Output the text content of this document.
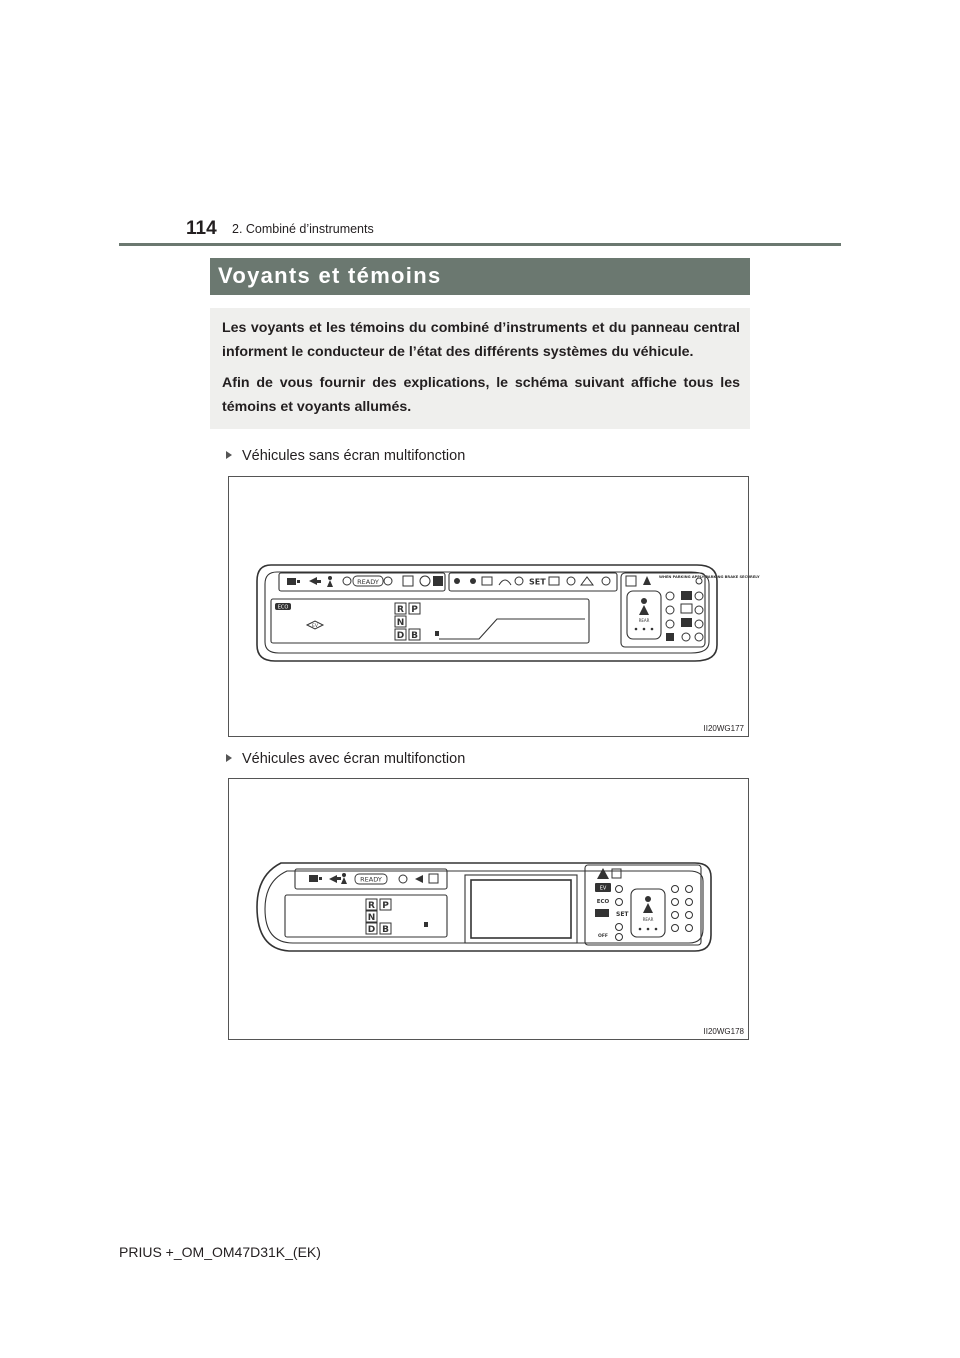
114 2. Combiné d’instruments
Voyants et témoins

Les voyants et les témoins du combiné d’instruments et du panneau central informent le conducteur de l’état des différents systèmes du véhicule.

Afin de vous fournir des explications, le schéma suivant affiche tous les témoins et voyants allumés.

Véhicules sans écran multifonction
READY	SET
ECO
EV
R P
N
D B
WHEN PARKING APPLY PARKING BRAKE SECURELY
REAR
II20WG177
Véhicules avec écran multifonction
READY
R P
N
D B
EV
ECO
SET
OFF
REAR
II20WG178
PRIUS +_OM_OM47D31K_(EK)
